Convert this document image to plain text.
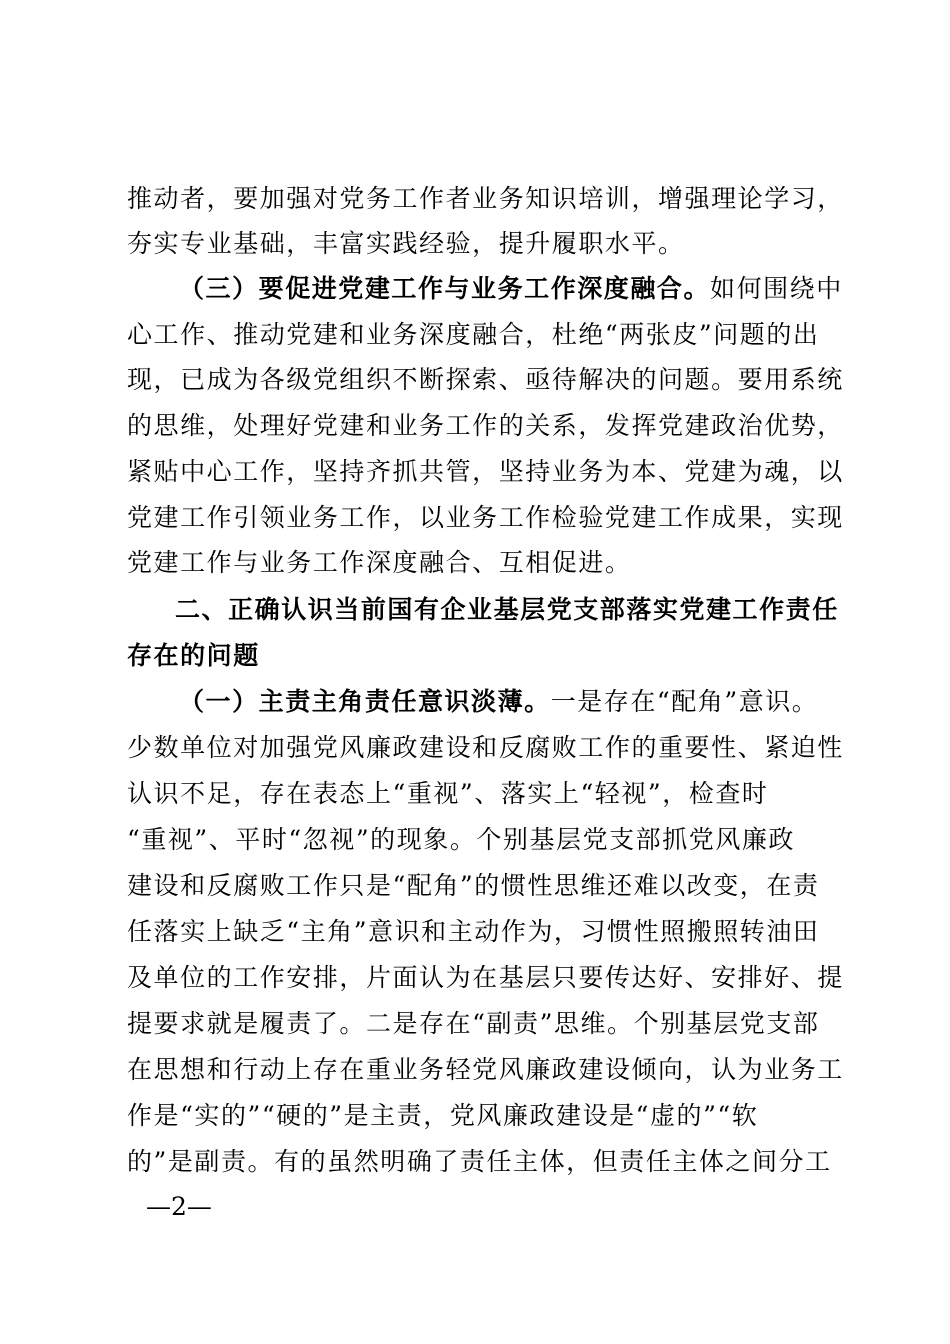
推动者，要加强对党务工作者业务知识培训，增强理论学习，
夯实专业基础，丰富实践经验，提升履职水平。
（三）要促进党建工作与业务工作深度融合。如何围绕中
心工作、推动党建和业务深度融合，杜绝“两张皮”问题的出
现，已成为各级党组织不断探索、亟待解决的问题。要用系统
的思维，处理好党建和业务工作的关系，发挥党建政治优势，
紧贴中心工作，坚持齐抓共管，坚持业务为本、党建为魂，以
党建工作引领业务工作，以业务工作检验党建工作成果，实现
党建工作与业务工作深度融合、互相促进。
二、正确认识当前国有企业基层党支部落实党建工作责任
存在的问题
（一）主责主角责任意识淡薄。一是存在“配角”意识。
少数单位对加强党风廉政建设和反腐败工作的重要性、紧迫性
认识不足，存在表态上“重视”、落实上“轻视”，检查时
“重视”、平时“忽视”的现象。个别基层党支部抓党风廉政
建设和反腐败工作只是“配角”的惯性思维还难以改变，在责
任落实上缺乏“主角”意识和主动作为，习惯性照搬照转油田
及单位的工作安排，片面认为在基层只要传达好、安排好、提
提要求就是履责了。二是存在“副责”思维。个别基层党支部
在思想和行动上存在重业务轻党风廉政建设倾向，认为业务工
作是“实的”“硬的”是主责，党风廉政建设是“虚的”“软
的”是副责。有的虽然明确了责任主体，但责任主体之间分工
—2—
